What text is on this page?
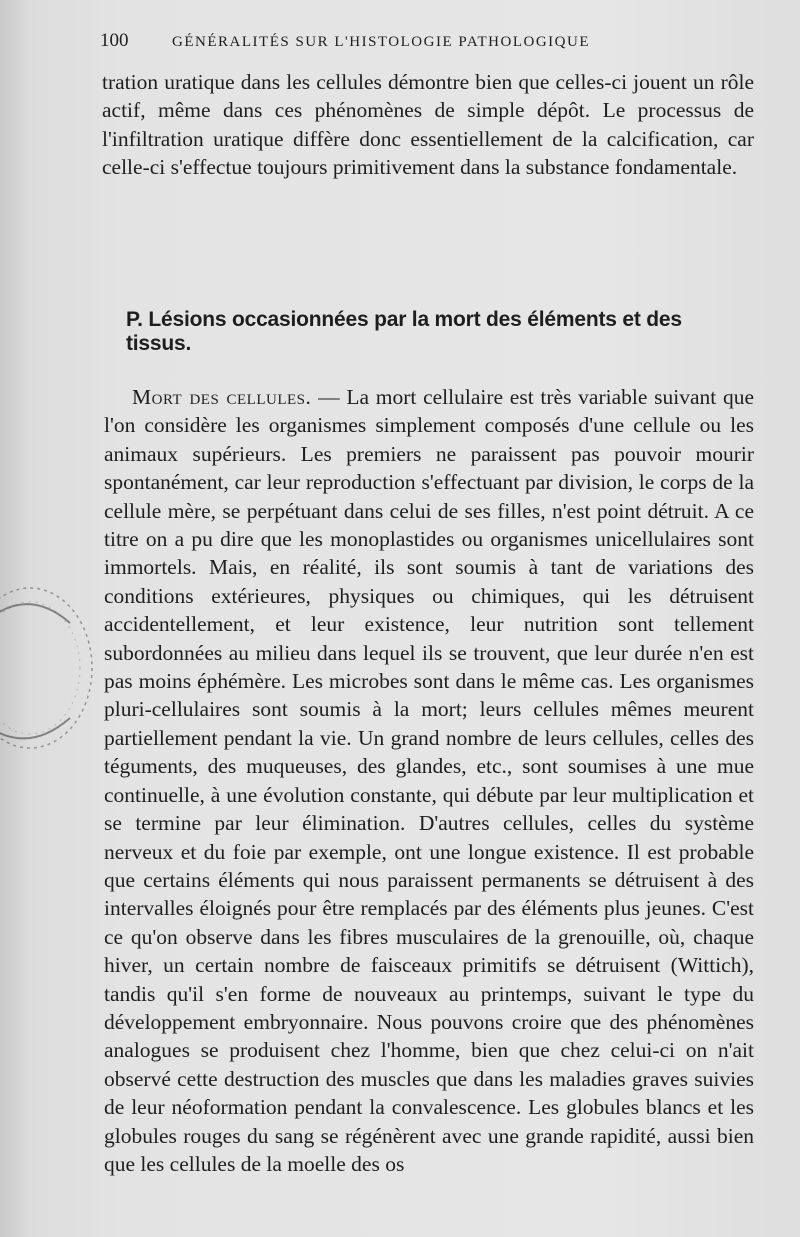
100	GÉNÉRALITÉS SUR L'HISTOLOGIE PATHOLOGIQUE
tration uratique dans les cellules démontre bien que celles-ci jouent un rôle actif, même dans ces phénomènes de simple dépôt. Le processus de l'infiltration uratique diffère donc essentiellement de la calcification, car celle-ci s'effectue toujours primitivement dans la substance fondamentale.
P. Lésions occasionnées par la mort des éléments et des tissus.
Mort des cellules. — La mort cellulaire est très variable suivant que l'on considère les organismes simplement composés d'une cellule ou les animaux supérieurs. Les premiers ne paraissent pas pouvoir mourir spontanément, car leur reproduction s'effectuant par division, le corps de la cellule mère, se perpétuant dans celui de ses filles, n'est point détruit. A ce titre on a pu dire que les monoplastides ou organismes unicellulaires sont immortels. Mais, en réalité, ils sont soumis à tant de variations des conditions extérieures, physiques ou chimiques, qui les détruisent accidentellement, et leur existence, leur nutrition sont tellement subordonnées au milieu dans lequel ils se trouvent, que leur durée n'en est pas moins éphémère. Les microbes sont dans le même cas. Les organismes pluri-cellulaires sont soumis à la mort; leurs cellules mêmes meurent partiellement pendant la vie. Un grand nombre de leurs cellules, celles des téguments, des muqueuses, des glandes, etc., sont soumises à une mue continuelle, à une évolution constante, qui débute par leur multiplication et se termine par leur élimination. D'autres cellules, celles du système nerveux et du foie par exemple, ont une longue existence. Il est probable que certains éléments qui nous paraissent permanents se détruisent à des intervalles éloignés pour être remplacés par des éléments plus jeunes. C'est ce qu'on observe dans les fibres musculaires de la grenouille, où, chaque hiver, un certain nombre de faisceaux primitifs se détruisent (Wittich), tandis qu'il s'en forme de nouveaux au printemps, suivant le type du développement embryonnaire. Nous pouvons croire que des phénomènes analogues se produisent chez l'homme, bien que chez celui-ci on n'ait observé cette destruction des muscles que dans les maladies graves suivies de leur néoformation pendant la convalescence. Les globules blancs et les globules rouges du sang se régénèrent avec une grande rapidité, aussi bien que les cellules de la moelle des os
